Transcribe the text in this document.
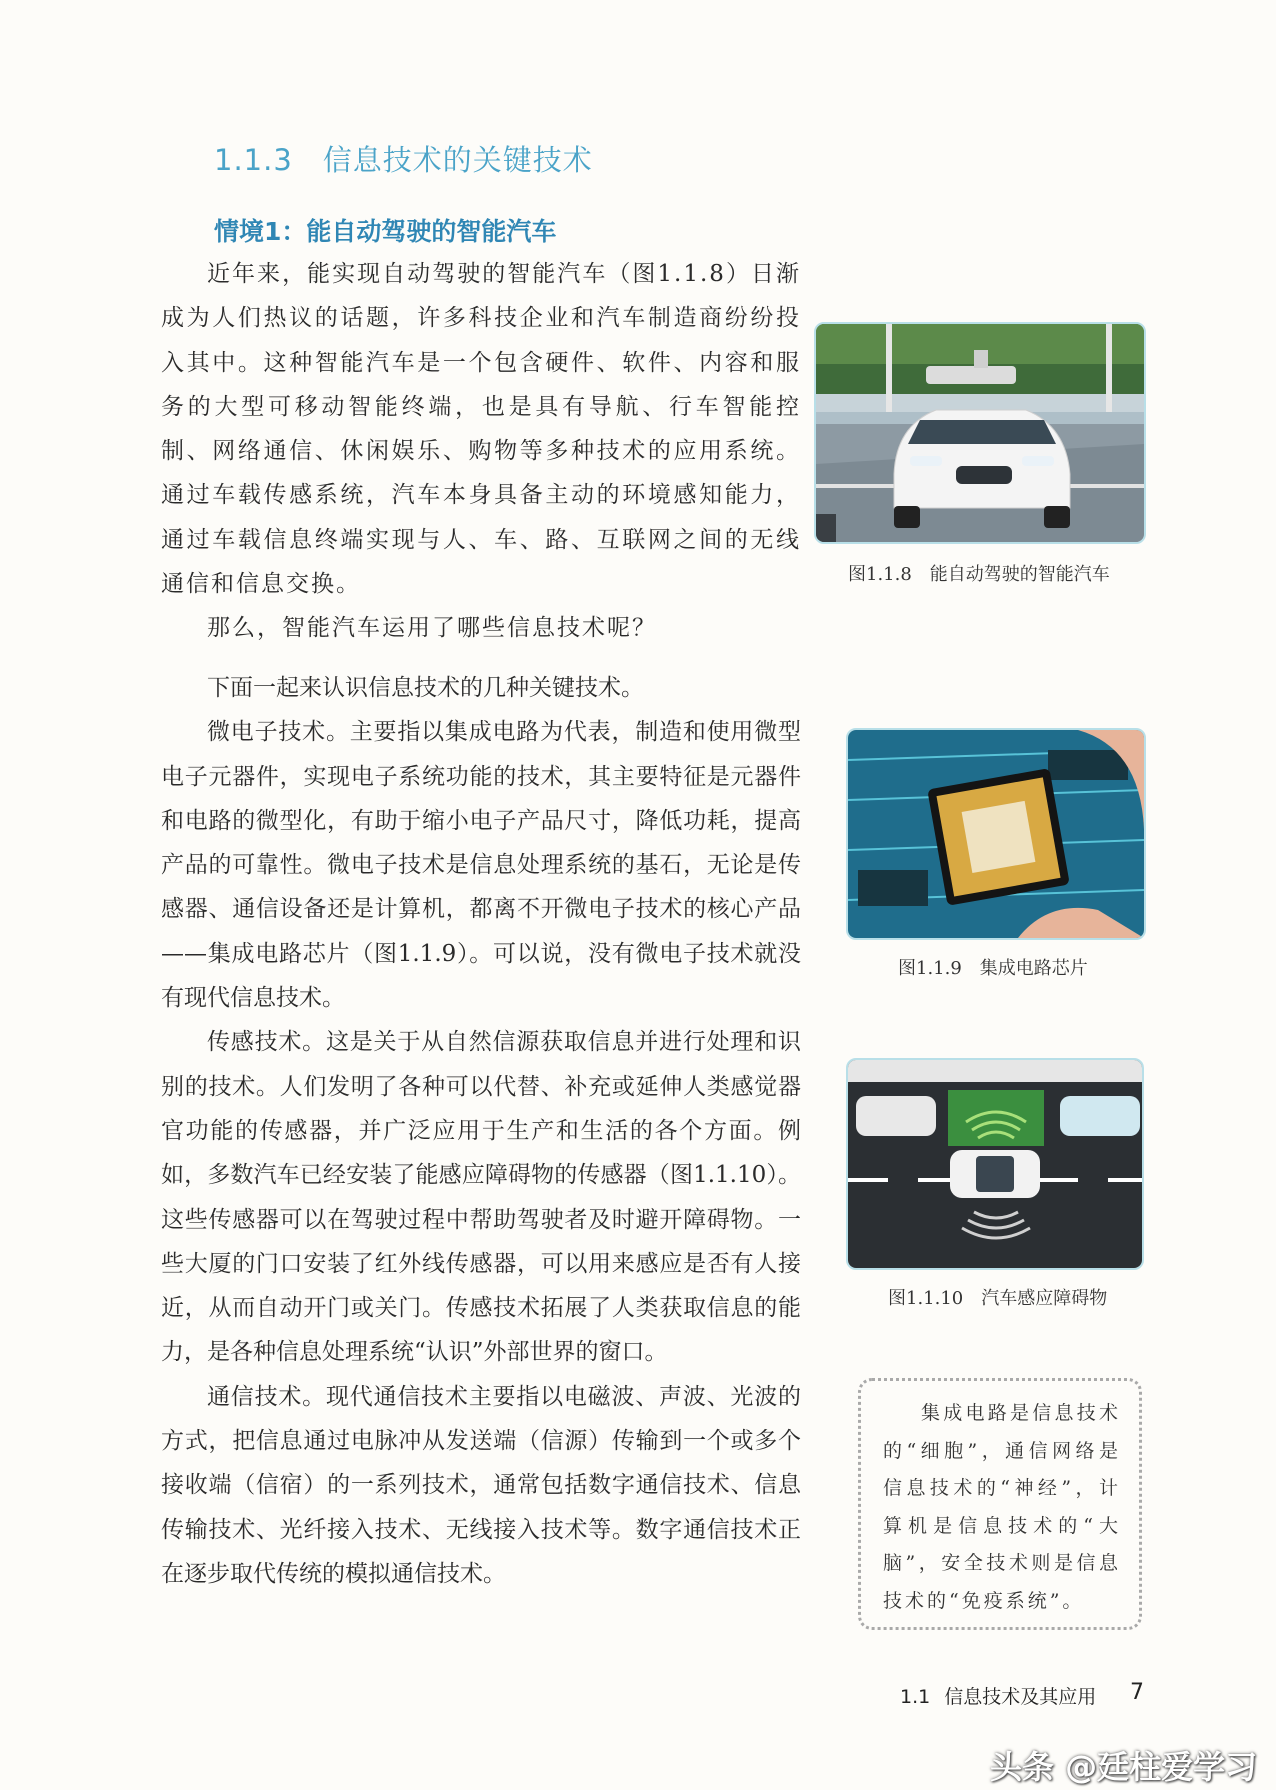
1.1.3 信息技术的关键技术
情境1：能自动驾驶的智能汽车

近年来，能实现自动驾驶的智能汽车（图1.1.8）日渐成为人们热议的话题，许多科技企业和汽车制造商纷纷投入其中。这种智能汽车是一个包含硬件、软件、内容和服务的大型可移动智能终端，也是具有导航、行车智能控制、网络通信、休闲娱乐、购物等多种技术的应用系统。通过车载传感系统，汽车本身具备主动的环境感知能力，通过车载信息终端实现与人、车、路、互联网之间的无线通信和信息交换。

那么，智能汽车运用了哪些信息技术呢？

下面一起来认识信息技术的几种关键技术。

微电子技术。主要指以集成电路为代表，制造和使用微型电子元器件，实现电子系统功能的技术，其主要特征是元器件和电路的微型化，有助于缩小电子产品尺寸，降低功耗，提高产品的可靠性。微电子技术是信息处理系统的基石，无论是传感器、通信设备还是计算机，都离不开微电子技术的核心产品——集成电路芯片（图1.1.9）。可以说，没有微电子技术就没有现代信息技术。

传感技术。这是关于从自然信源获取信息并进行处理和识别的技术。人们发明了各种可以代替、补充或延伸人类感觉器官功能的传感器，并广泛应用于生产和生活的各个方面。例如，多数汽车已经安装了能感应障碍物的传感器（图1.1.10）。这些传感器可以在驾驶过程中帮助驾驶者及时避开障碍物。一些大厦的门口安装了红外线传感器，可以用来感应是否有人接近，从而自动开门或关门。传感技术拓展了人类获取信息的能力，是各种信息处理系统“认识”外部世界的窗口。

通信技术。现代通信技术主要指以电磁波、声波、光波的方式，把信息通过电脉冲从发送端（信源）传输到一个或多个接收端（信宿）的一系列技术，通常包括数字通信技术、信息传输技术、光纤接入技术、无线接入技术等。数字通信技术正在逐步取代传统的模拟通信技术。

图1.1.8　能自动驾驶的智能汽车
图1.1.9　集成电路芯片
图1.1.10　汽车感应障碍物

集成电路是信息技术的“细胞”，通信网络是信息技术的“神经”，计算机是信息技术的“大脑”，安全技术则是信息技术的“免疫系统”。

1.1 信息技术及其应用 7
头条 @廷柱爱学习
